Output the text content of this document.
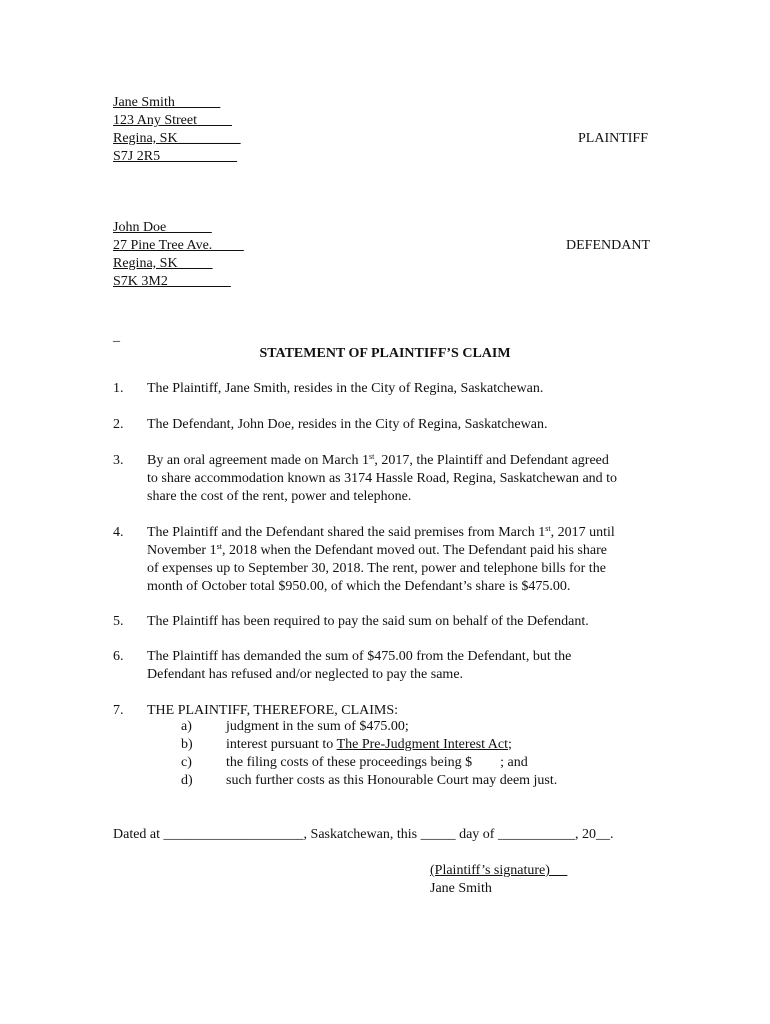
Jane Smith
123 Any Street
Regina, SK_________
S7J 2R5
PLAINTIFF
John Doe
27 Pine Tree Ave.
Regina, SK
S7K 3M2
DEFENDANT
_
STATEMENT OF PLAINTIFF’S CLAIM
1.	The Plaintiff, Jane Smith, resides in the City of Regina, Saskatchewan.
2.	The Defendant, John Doe, resides in the City of Regina, Saskatchewan.
3.	By an oral agreement made on March 1st, 2017, the Plaintiff and Defendant agreed
to share accommodation known as 3174 Hassle Road, Regina, Saskatchewan and to
share the cost of the rent, power and telephone.
4.	The Plaintiff and the Defendant shared the said premises from March 1st, 2017 until
November 1st, 2018 when the Defendant moved out. The Defendant paid his share
of expenses up to September 30, 2018. The rent, power and telephone bills for the
month of October total $950.00, of which the Defendant’s share is $475.00.
5.	The Plaintiff has been required to pay the said sum on behalf of the Defendant.
6.	The Plaintiff has demanded the sum of $475.00 from the Defendant, but the
Defendant has refused and/or neglected to pay the same.
7.	THE PLAINTIFF, THEREFORE, CLAIMS:
a) judgment in the sum of $475.00;
b) interest pursuant to The Pre-Judgment Interest Act;
c) the filing costs of these proceedings being $        ; and
d) such further costs as this Honourable Court may deem just.
Dated at ____________________, Saskatchewan, this _____ day of ___________, 20__.
(Plaintiff’s signature)
Jane Smith
